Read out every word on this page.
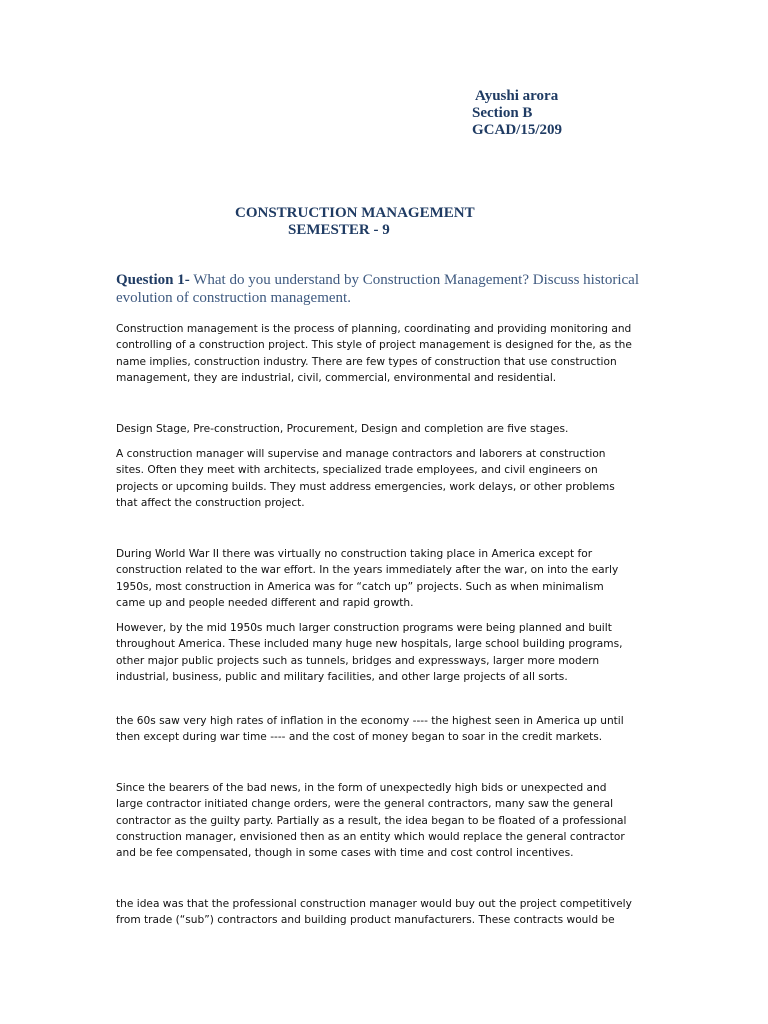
Ayushi arora
Section B
GCAD/15/209
CONSTRUCTION MANAGEMENT
SEMESTER - 9
Question 1- What do you understand by Construction Management? Discuss historical evolution of construction management.

Construction management is the process of planning, coordinating and providing monitoring and controlling of a construction project. This style of project management is designed for the, as the name implies, construction industry. There are few types of construction that use construction management, they are industrial, civil, commercial, environmental and residential.

Design Stage, Pre-construction, Procurement, Design and completion are five stages.

A construction manager will supervise and manage contractors and laborers at construction sites. Often they meet with architects, specialized trade employees, and civil engineers on projects or upcoming builds. They must address emergencies, work delays, or other problems that affect the construction project.

During World War II there was virtually no construction taking place in America except for construction related to the war effort. In the years immediately after the war, on into the early 1950s, most construction in America was for “catch up” projects. Such as when minimalism came up and people needed different and rapid growth.

However, by the mid 1950s much larger construction programs were being planned and built throughout America. These included many huge new hospitals, large school building programs, other major public projects such as tunnels, bridges and expressways, larger more modern industrial, business, public and military facilities, and other large projects of all sorts.

the 60s saw very high rates of inflation in the economy ---- the highest seen in America up until then except during war time ---- and the cost of money began to soar in the credit markets.

Since the bearers of the bad news, in the form of unexpectedly high bids or unexpected and large contractor initiated change orders, were the general contractors, many saw the general contractor as the guilty party. Partially as a result, the idea began to be floated of a professional construction manager, envisioned then as an entity which would replace the general contractor and be fee compensated, though in some cases with time and cost control incentives.

the idea was that the professional construction manager would buy out the project competitively from trade (“sub”) contractors and building product manufacturers. These contracts would be
